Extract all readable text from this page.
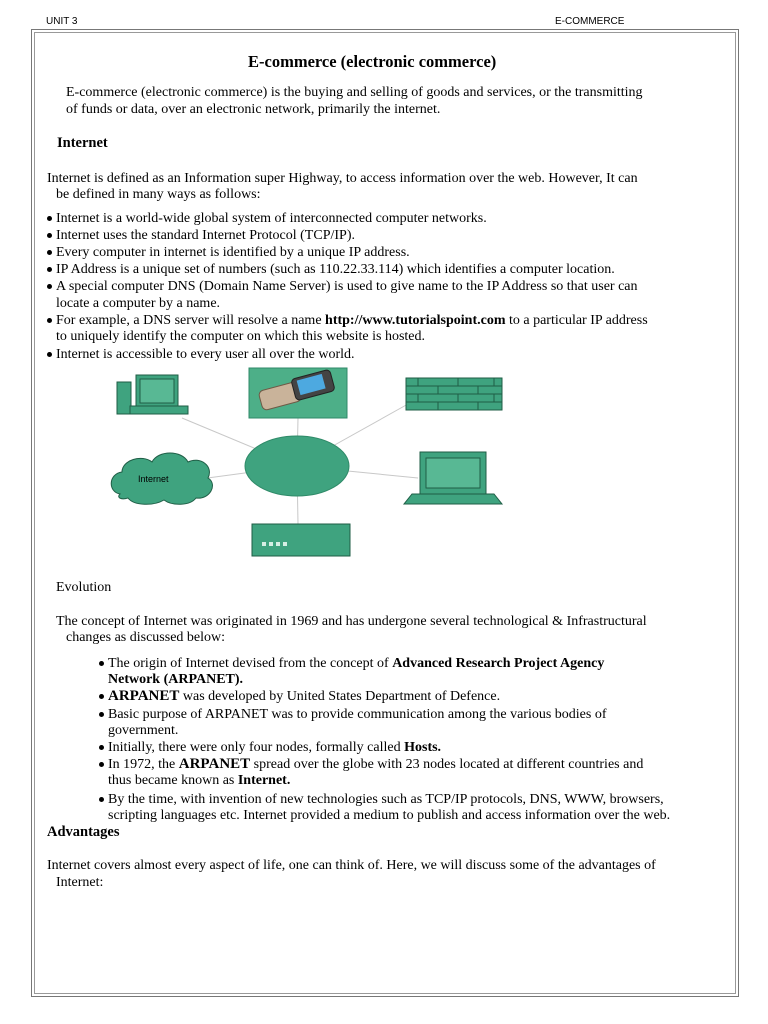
UNIT 3	E-COMMERCE
E-commerce (electronic commerce)
E-commerce (electronic commerce) is the buying and selling of goods and services, or the transmitting
of funds or data, over an electronic network, primarily the internet.
Internet
Internet is defined as an Information super Highway, to access information over the web. However, It can
be defined in many ways as follows:
Internet is a world-wide global system of interconnected computer networks.
Internet uses the standard Internet Protocol (TCP/IP).
Every computer in internet is identified by a unique IP address.
IP Address is a unique set of numbers (such as 110.22.33.114) which identifies a computer location.
A special computer DNS (Domain Name Server) is used to give name to the IP Address so that user can
locate a computer by a name.
For example, a DNS server will resolve a name http://www.tutorialspoint.com to a particular IP address
to uniquely identify the computer on which this website is hosted.
Internet is accessible to every user all over the world.
Internet
Evolution
The concept of Internet was originated in 1969 and has undergone several technological & Infrastructural
changes as discussed below:
The origin of Internet devised from the concept of Advanced Research Project Agency
Network (ARPANET).
ARPANET was developed by United States Department of Defence.
Basic purpose of ARPANET was to provide communication among the various bodies of
government.
Initially, there were only four nodes, formally called Hosts.
In 1972, the ARPANET spread over the globe with 23 nodes located at different countries and
thus became known as Internet.
By the time, with invention of new technologies such as TCP/IP protocols, DNS, WWW, browsers,
scripting languages etc. Internet provided a medium to publish and access information over the web.
Advantages
Internet covers almost every aspect of life, one can think of. Here, we will discuss some of the advantages of
Internet:
